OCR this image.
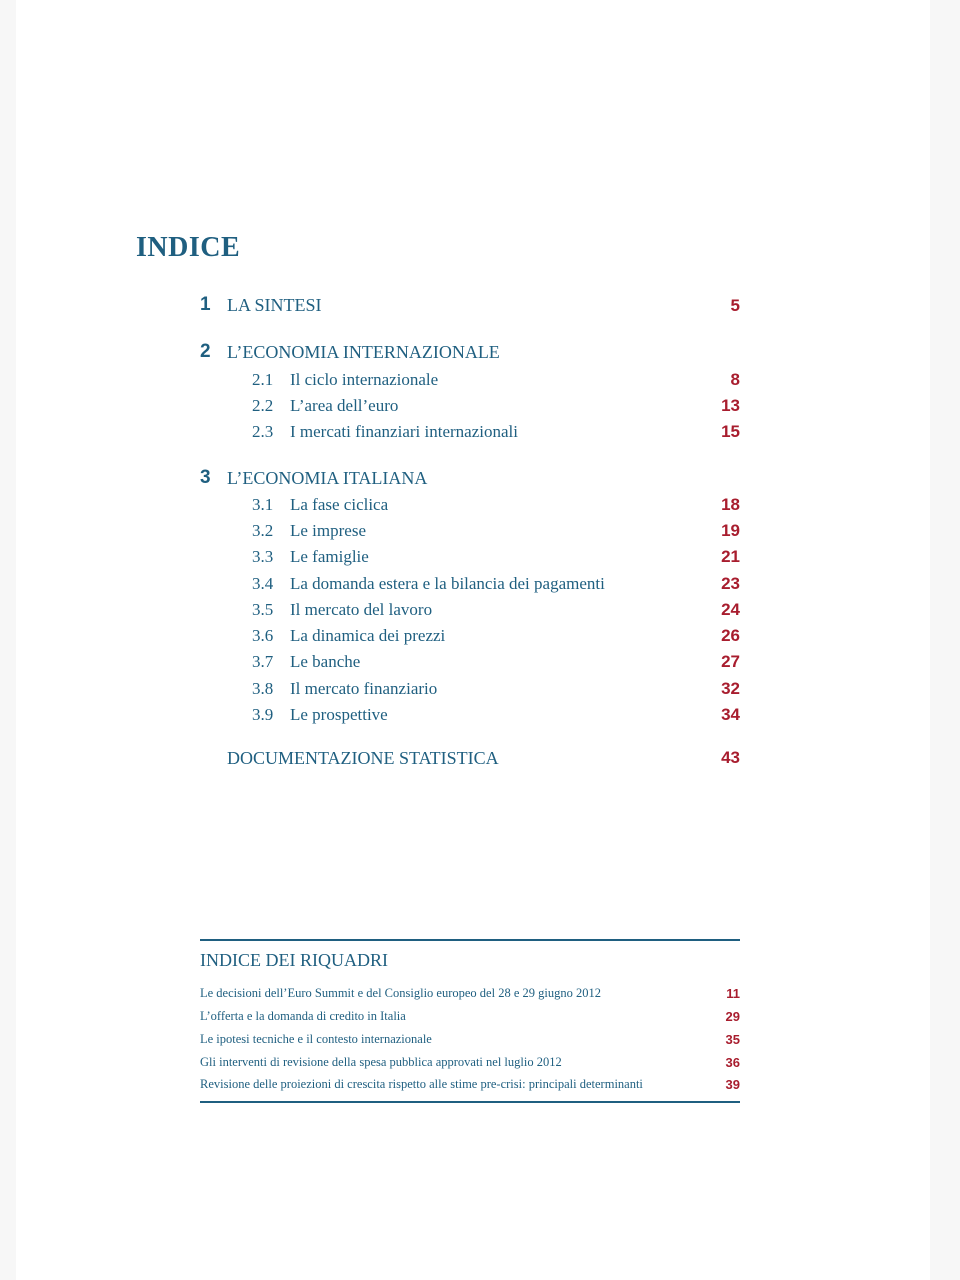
INDICE
1 LA SINTESI	5
2 L’ECONOMIA INTERNAZIONALE
2.1 Il ciclo internazionale	8
2.2 L’area dell’euro	13
2.3 I mercati finanziari internazionali	15
3 L’ECONOMIA ITALIANA
3.1 La fase ciclica	18
3.2 Le imprese	19
3.3 Le famiglie	21
3.4 La domanda estera e la bilancia dei pagamenti	23
3.5 Il mercato del lavoro	24
3.6 La dinamica dei prezzi	26
3.7 Le banche	27
3.8 Il mercato finanziario	32
3.9 Le prospettive	34
DOCUMENTAZIONE STATISTICA	43
INDICE DEI RIQUADRI
Le decisioni dell’Euro Summit e del Consiglio europeo del 28 e 29 giugno 2012	11
L’offerta e la domanda di credito in Italia	29
Le ipotesi tecniche e il contesto internazionale	35
Gli interventi di revisione della spesa pubblica approvati nel luglio 2012	36
Revisione delle proiezioni di crescita rispetto alle stime pre-crisi: principali determinanti	39
